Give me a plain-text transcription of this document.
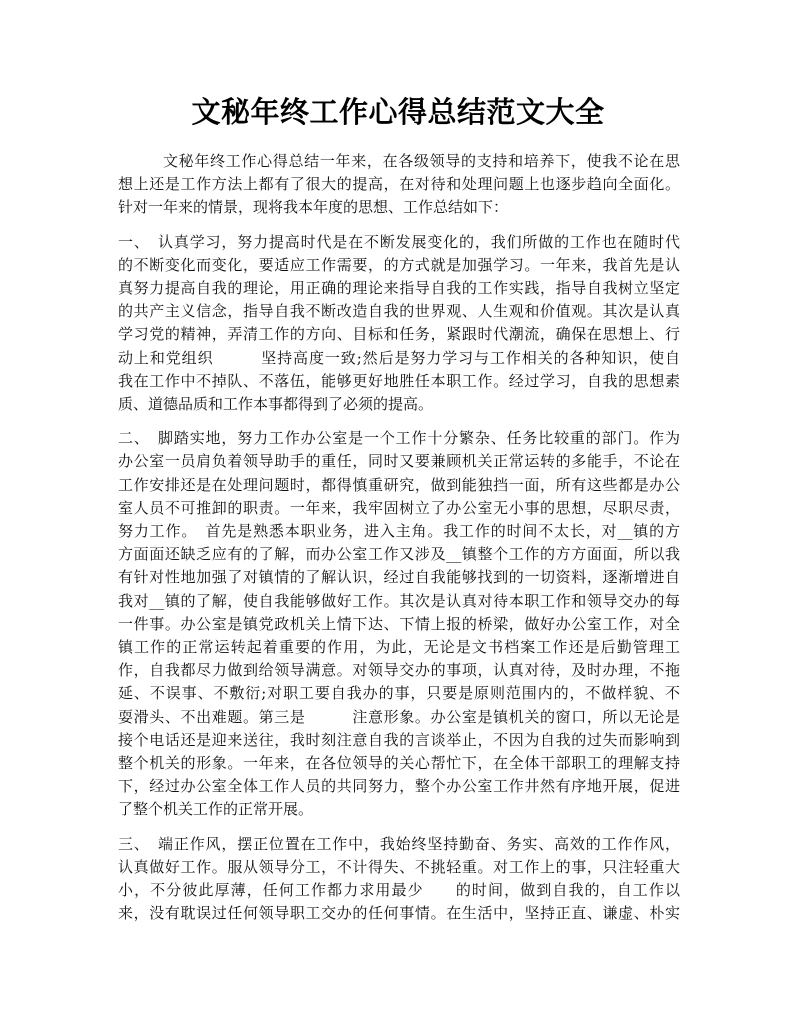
文秘年终工作心得总结范文大全
文秘年终工作心得总结一年来，在各级领导的支持和培养下，使我不论在思
想上还是工作方法上都有了很大的提高，在对待和处理问题上也逐步趋向全面化。
针对一年来的情景，现将我本年度的思想、工作总结如下：
一、　认真学习，努力提高时代是在不断发展变化的，我们所做的工作也在随时代
的不断变化而变化，要适应工作需要，的方式就是加强学习。一年来，我首先是认
真努力提高自我的理论，用正确的理论来指导自我的工作实践，指导自我树立坚定
的共产主义信念，指导自我不断改造自我的世界观、人生观和价值观。其次是认真
学习党的精神，弄清工作的方向、目标和任务，紧跟时代潮流，确保在思想上、行
动上和党组织　　　坚持高度一致;然后是努力学习与工作相关的各种知识，使自
我在工作中不掉队、不落伍，能够更好地胜任本职工作。经过学习，自我的思想素
质、道德品质和工作本事都得到了必须的提高。
二、　脚踏实地，努力工作办公室是一个工作十分繁杂、任务比较重的部门。作为
办公室一员肩负着领导助手的重任，同时又要兼顾机关正常运转的多能手，不论在
工作安排还是在处理问题时，都得慎重研究，做到能独挡一面，所有这些都是办公
室人员不可推卸的职责。一年来，我牢固树立了办公室无小事的思想，尽职尽责，
努力工作。　首先是熟悉本职业务，进入主角。我工作的时间不太长，对__镇的方
方面面还缺乏应有的了解，而办公室工作又涉及__镇整个工作的方方面面，所以我
有针对性地加强了对镇情的了解认识，经过自我能够找到的一切资料，逐渐增进自
我对__镇的了解，使自我能够做好工作。其次是认真对待本职工作和领导交办的每
一件事。办公室是镇党政机关上情下达、下情上报的桥梁，做好办公室工作，对全
镇工作的正常运转起着重要的作用，为此，无论是文书档案工作还是后勤管理工
作，自我都尽力做到给领导满意。对领导交办的事项，认真对待，及时办理，不拖
延、不误事、不敷衍;对职工要自我办的事，只要是原则范围内的，不做样貌、不
耍滑头、不出难题。第三是　　　注意形象。办公室是镇机关的窗口，所以无论是
接个电话还是迎来送往，我时刻注意自我的言谈举止，不因为自我的过失而影响到
整个机关的形象。一年来，在各位领导的关心帮忙下，在全体干部职工的理解支持
下，经过办公室全体工作人员的共同努力，整个办公室工作井然有序地开展，促进
了整个机关工作的正常开展。
三、　端正作风，摆正位置在工作中，我始终坚持勤奋、务实、高效的工作作风，
认真做好工作。服从领导分工，不计得失、不挑轻重。对工作上的事，只注轻重大
小，不分彼此厚薄，任何工作都力求用最少　　的时间，做到自我的，自工作以
来，没有耽误过任何领导职工交办的任何事情。在生活中，坚持正直、谦虚、朴实
